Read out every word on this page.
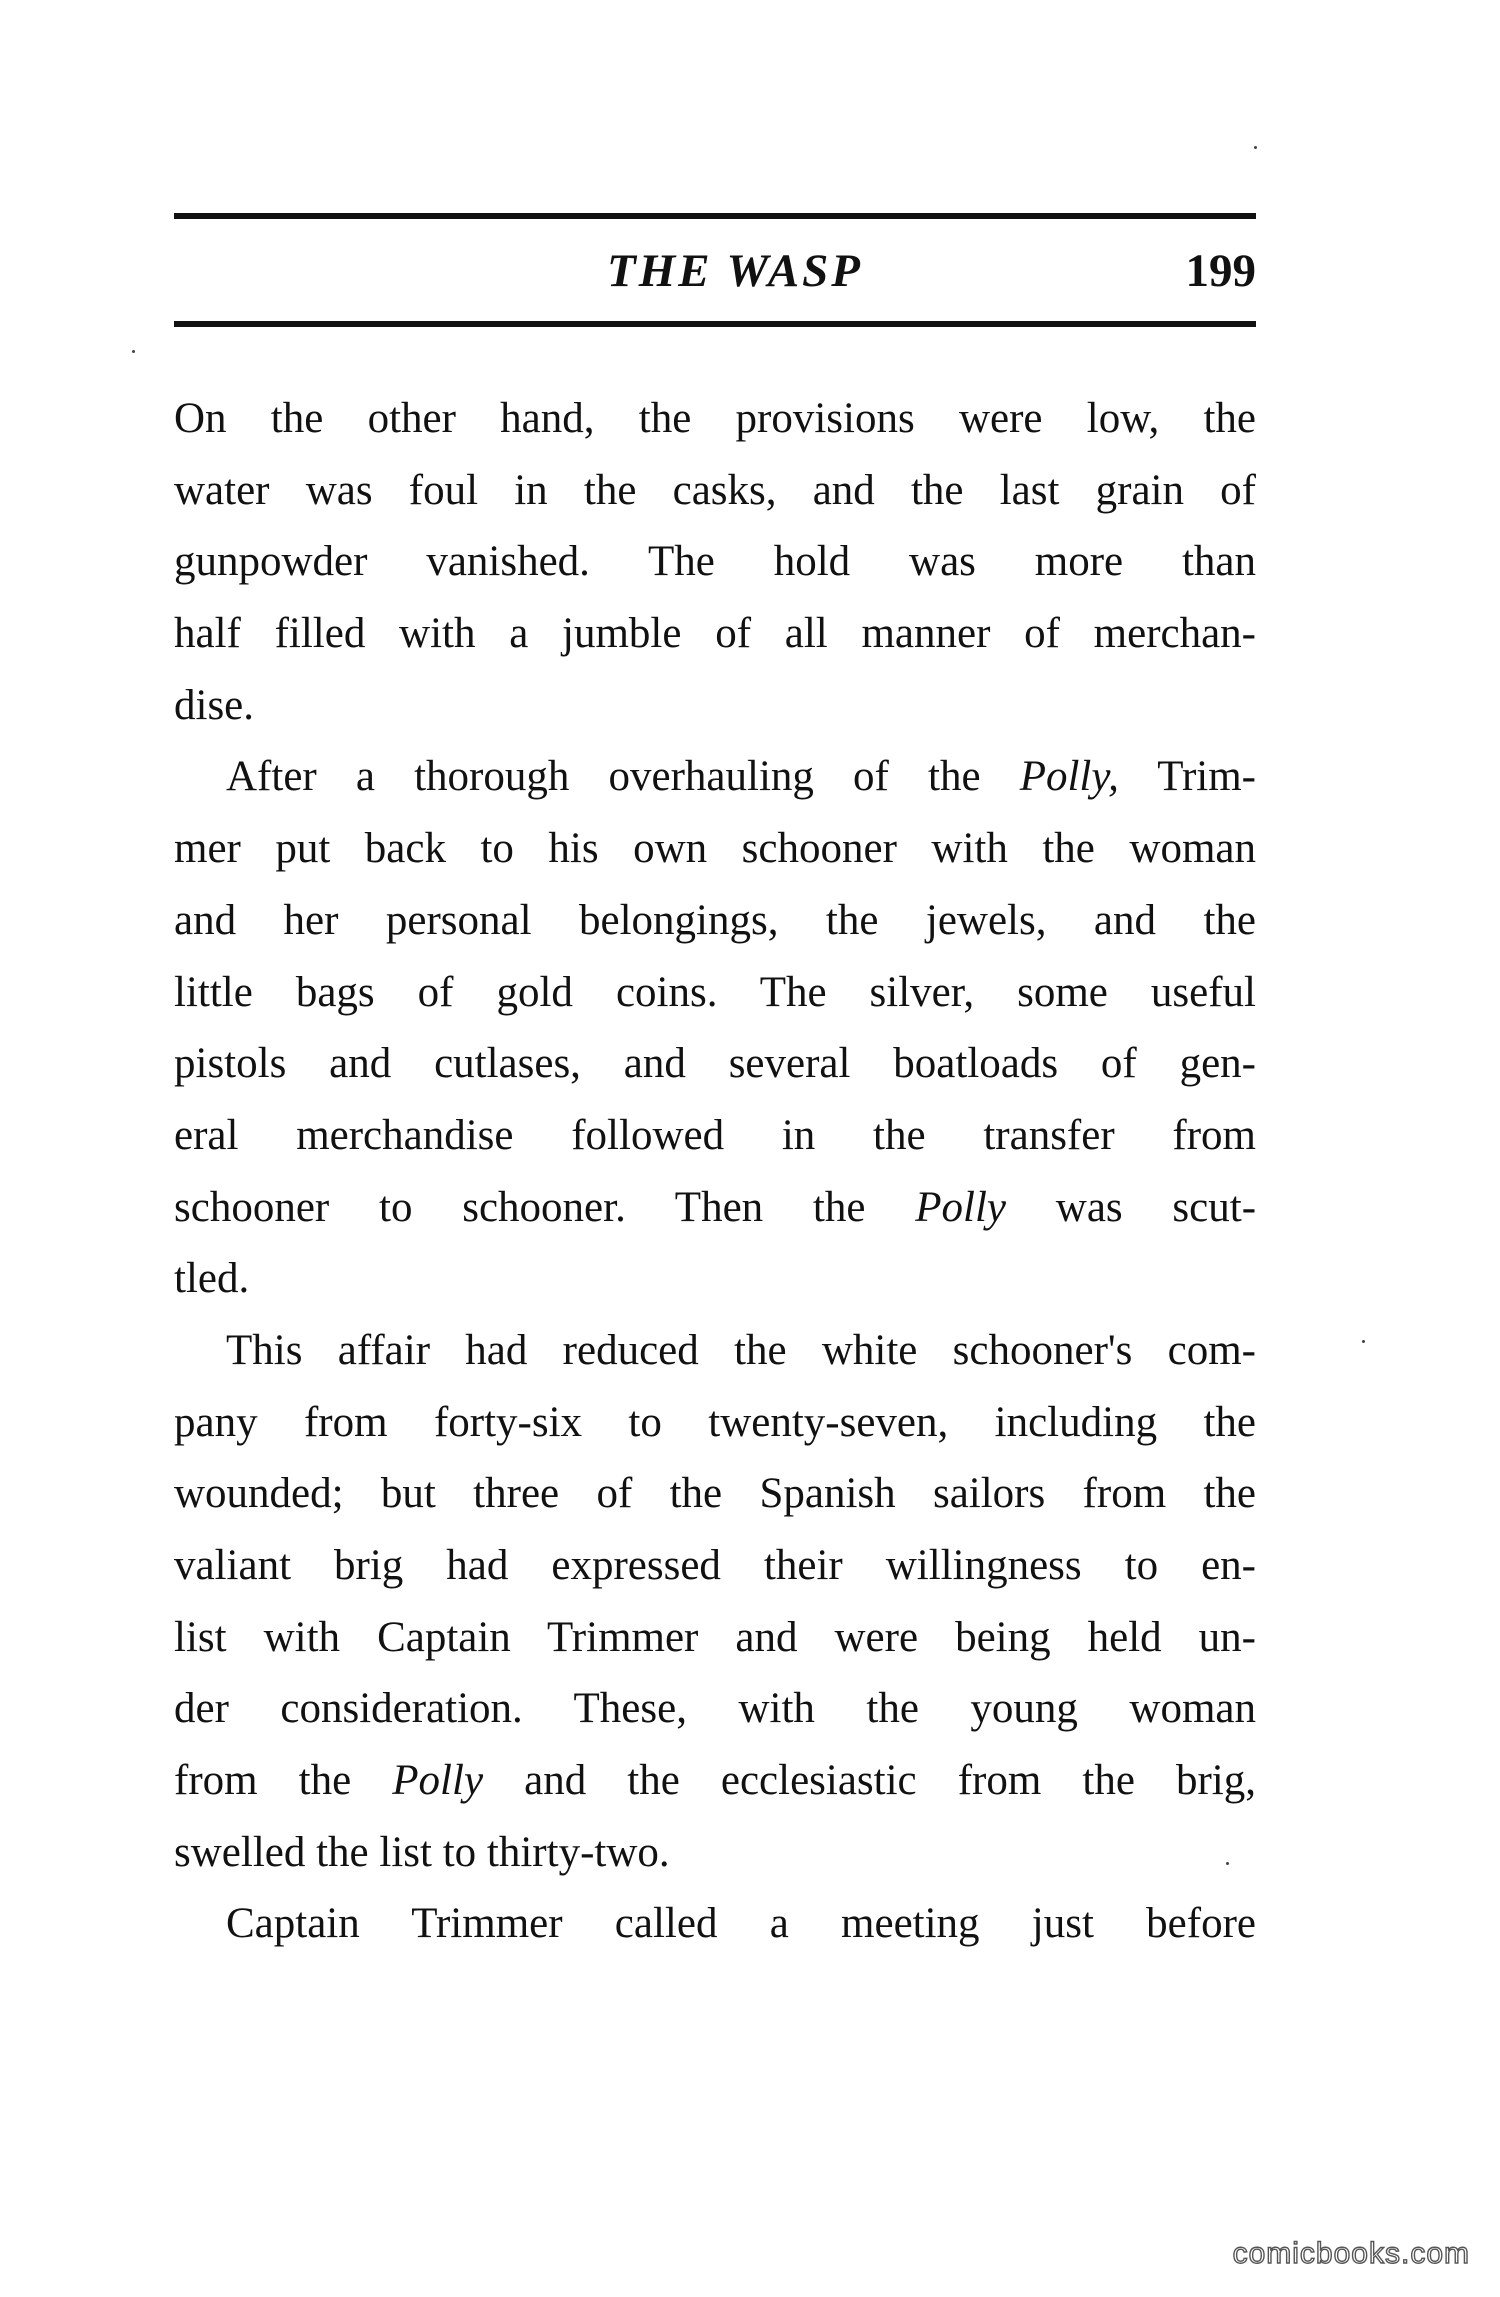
THE WASP	199
On the other hand, the provisions were low, the
water was foul in the casks, and the last grain of
gunpowder vanished. The hold was more than
half filled with a jumble of all manner of merchan-
dise.
After a thorough overhauling of the Polly, Trim-
mer put back to his own schooner with the woman
and her personal belongings, the jewels, and the
little bags of gold coins. The silver, some useful
pistols and cutlases, and several boatloads of gen-
eral merchandise followed in the transfer from
schooner to schooner. Then the Polly was scut-
tled.
This affair had reduced the white schooner's com-
pany from forty-six to twenty-seven, including the
wounded; but three of the Spanish sailors from the
valiant brig had expressed their willingness to en-
list with Captain Trimmer and were being held un-
der consideration. These, with the young woman
from the Polly and the ecclesiastic from the brig,
swelled the list to thirty-two.
Captain Trimmer called a meeting just before
comicbooks.com
